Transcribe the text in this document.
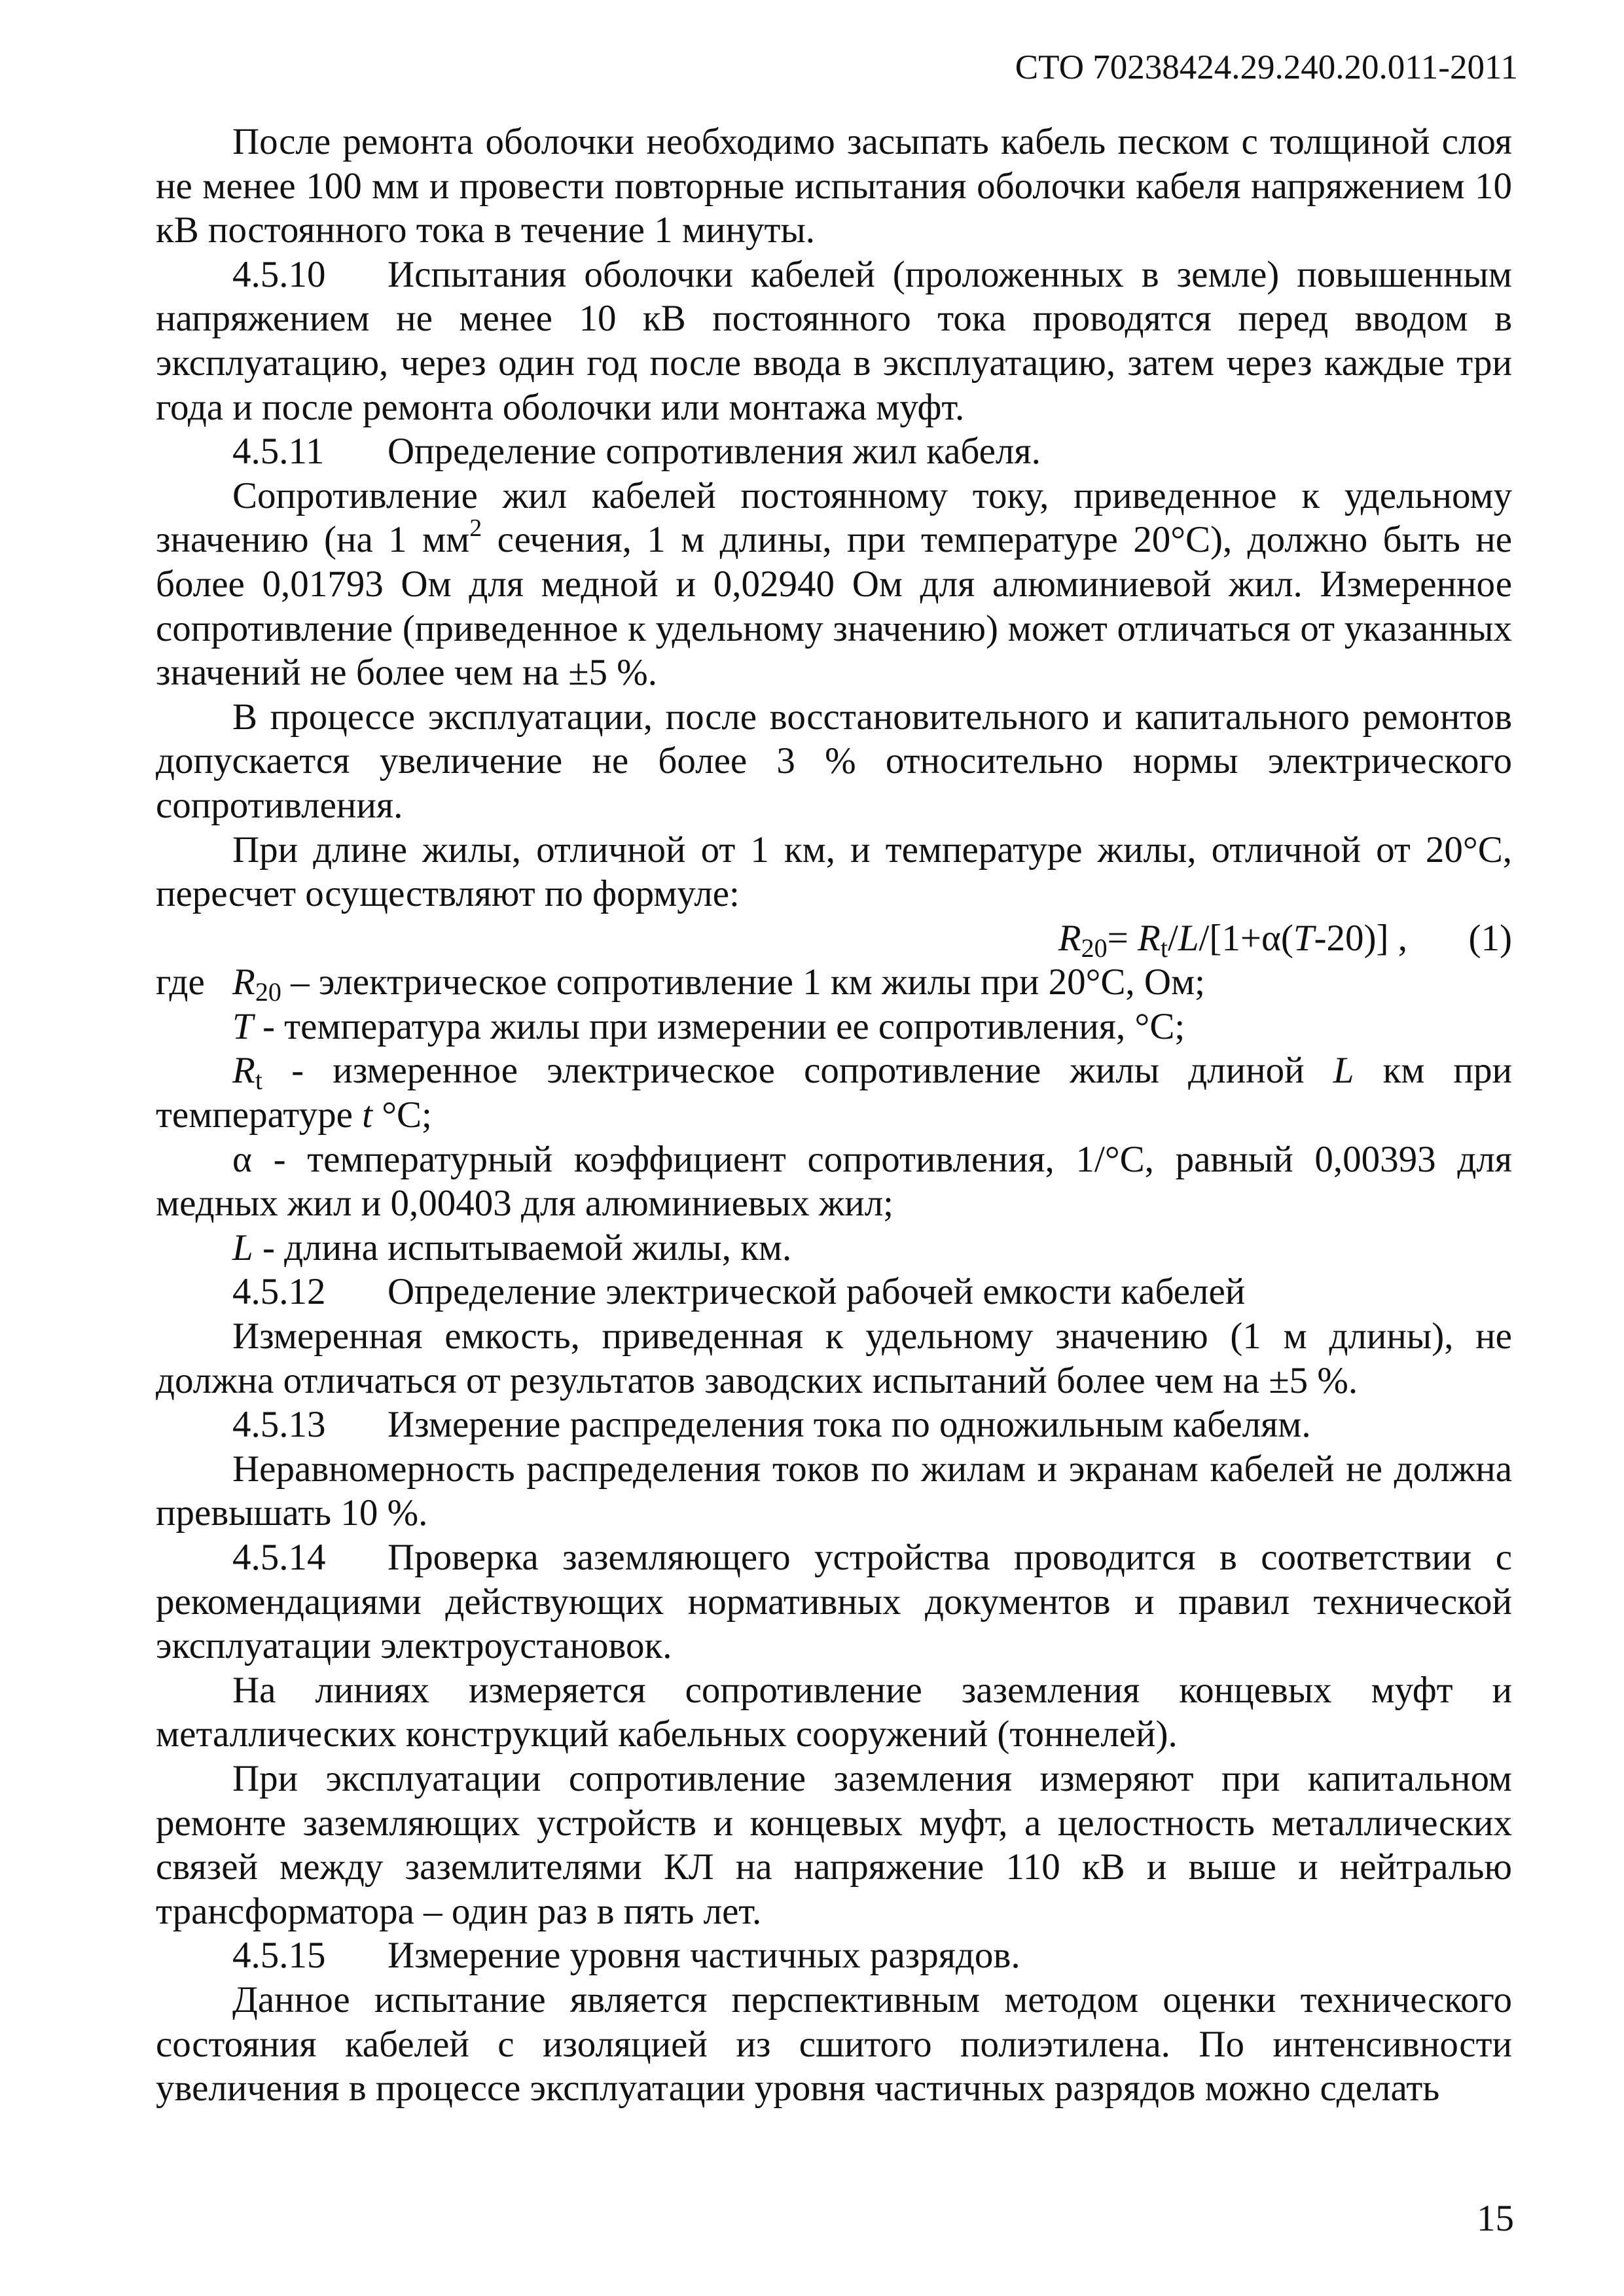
СТО 70238424.29.240.20.011-2011

После ремонта оболочки необходимо засыпать кабель песком с толщиной слоя не менее 100 мм и провести повторные испытания оболочки кабеля напряжением 10 кВ постоянного тока в течение 1 минуты.

4.5.10 Испытания оболочки кабелей (проложенных в земле) повышенным напряжением не менее 10 кВ постоянного тока проводятся перед вводом в эксплуатацию, через один год после ввода в эксплуатацию, затем через каждые три года и после ремонта оболочки или монтажа муфт.

4.5.11 Определение сопротивления жил кабеля.

Сопротивление жил кабелей постоянному току, приведенное к удельному значению (на 1 $мм^2$ сечения, 1 м длины, при температуре 20°С), должно быть не более 0,01793 Ом для медной и 0,02940 Ом для алюминиевой жил. Измеренное сопротивление (приведенное к удельному значению) может отличаться от указанных значений не более чем на ±5 %.

В процессе эксплуатации, после восстановительного и капитального ремонтов допускается увеличение не более 3 % относительно нормы электрического сопротивления.

При длине жилы, отличной от 1 км, и температуре жилы, отличной от 20°С, пересчет осуществляют по формуле:

$R_{20}= R_t/L/[1+\alpha(T-20)]$ , (1)

где $R_{20}$ – электрическое сопротивление 1 км жилы при 20°С, Ом;

T - температура жилы при измерении ее сопротивления, °С;

$R_t$ - измеренное электрическое сопротивление жилы длиной L км при температуре t °С;

α - температурный коэффициент сопротивления, 1/°С, равный 0,00393 для медных жил и 0,00403 для алюминиевых жил;

L - длина испытываемой жилы, км.

4.5.12 Определение электрической рабочей емкости кабелей

Измеренная емкость, приведенная к удельному значению (1 м длины), не должна отличаться от результатов заводских испытаний более чем на ±5 %.

4.5.13 Измерение распределения тока по одножильным кабелям.

Неравномерность распределения токов по жилам и экранам кабелей не должна превышать 10 %.

4.5.14 Проверка заземляющего устройства проводится в соответствии с рекомендациями действующих нормативных документов и правил технической эксплуатации электроустановок.

На линиях измеряется сопротивление заземления концевых муфт и металлических конструкций кабельных сооружений (тоннелей).

При эксплуатации сопротивление заземления измеряют при капитальном ремонте заземляющих устройств и концевых муфт, а целостность металлических связей между заземлителями КЛ на напряжение 110 кВ и выше и нейтралью трансформатора – один раз в пять лет.

4.5.15 Измерение уровня частичных разрядов.

Данное испытание является перспективным методом оценки технического состояния кабелей с изоляцией из сшитого полиэтилена. По интенсивности увеличения в процессе эксплуатации уровня частичных разрядов можно сделать

15
